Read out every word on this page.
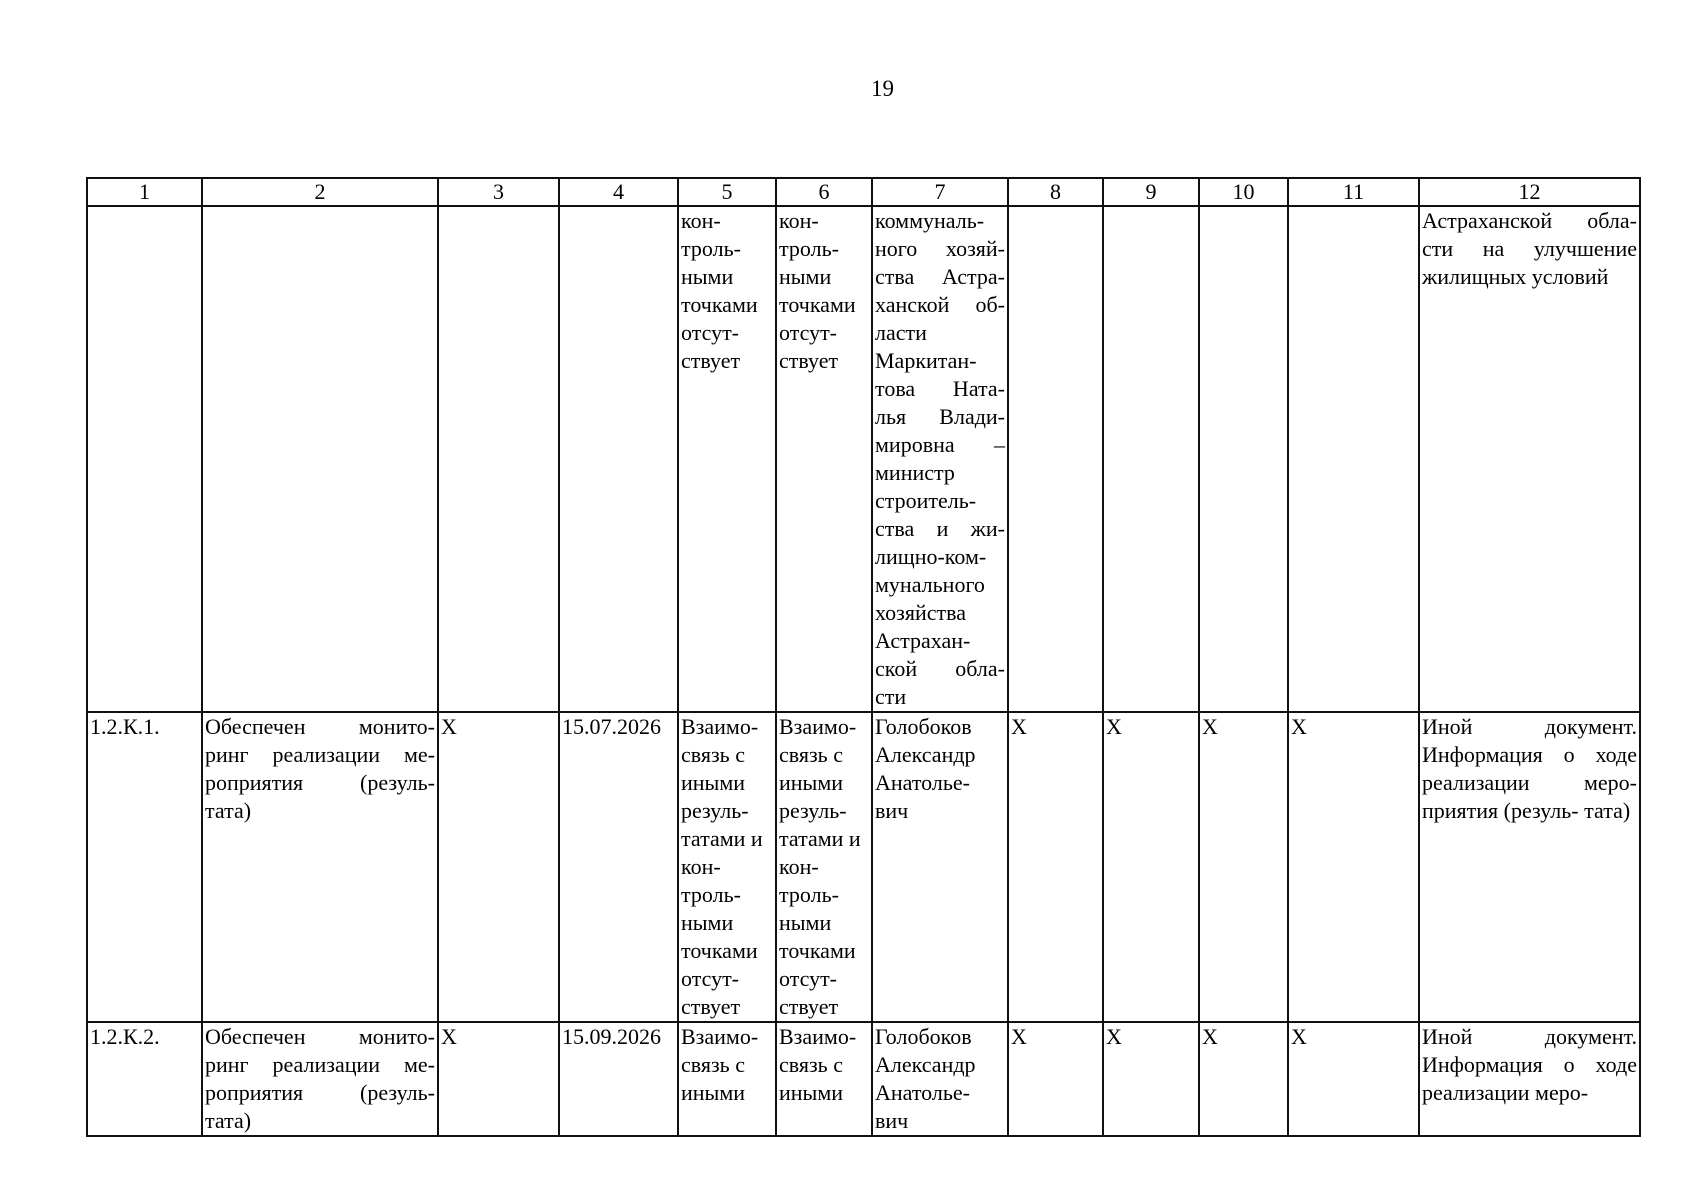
19
1	2	3	4	5	6	7	8	9	10	11	12
				кон- троль- ными точками отсут- ствует	кон- троль- ными точками отсут- ствует	коммуналь- ного хозяй- ства Астра- ханской об- ласти Маркитан- това Ната- лья Влади- мировна – министр строитель- ства и жи- лищно-ком- мунального хозяйства Астрахан- ской обла- сти					Астраханской обла- сти на улучшение жилищных условий
1.2.К.1.	Обеспечен монито- ринг реализации ме- роприятия (резуль- тата)	X	15.07.2026	Взаимо- связь с иными резуль- татами и кон- троль- ными точками отсут- ствует	Взаимо- связь с иными резуль- татами и кон- троль- ными точками отсут- ствует	Голобоков Александр Анатолье- вич	X	X	X	X	Иной документ. Информация о ходе реализации меро- приятия (резуль- тата)
1.2.К.2.	Обеспечен монито- ринг реализации ме- роприятия (резуль- тата)	X	15.09.2026	Взаимо- связь с иными	Взаимо- связь с иными	Голобоков Александр Анатолье- вич	X	X	X	X	Иной документ. Информация о ходе реализации меро-
